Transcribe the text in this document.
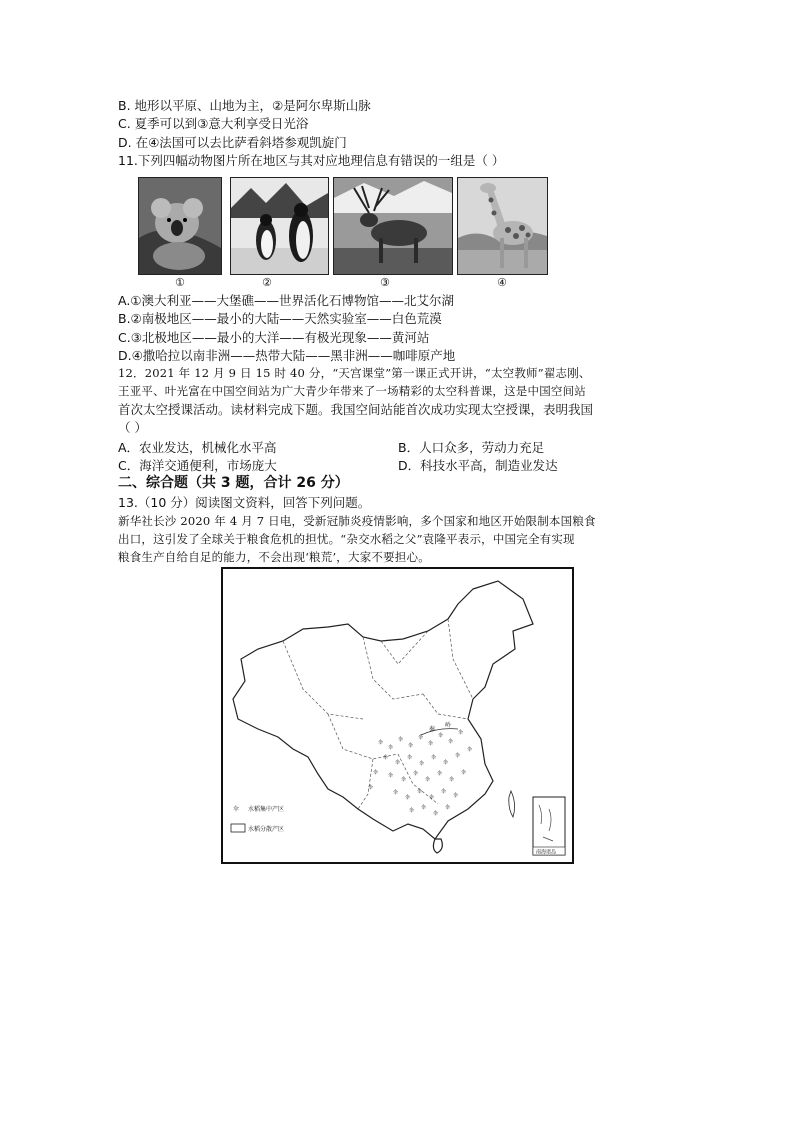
B. 地形以平原、山地为主，②是阿尔卑斯山脉
C. 夏季可以到③意大利享受日光浴
D. 在④法国可以去比萨看斜塔参观凯旋门
11.下列四幅动物图片所在地区与其对应地理信息有错误的一组是（ ）
①	②	③	④
A.①澳大利亚——大堡礁——世界活化石博物馆——北艾尔湖
B.②南极地区——最小的大陆——天然实验室——白色荒漠
C.③北极地区——最小的大洋——有极光现象——黄河站
D.④撒哈拉以南非洲——热带大陆——黑非洲——咖啡原产地
12．2021 年 12 月 9 日 15 时 40 分，“天宫课堂”第一课正式开讲，“太空教师”翟志刚、
王亚平、叶光富在中国空间站为广大青少年带来了一场精彩的太空科普课，这是中国空间站
首次太空授课活动。读材料完成下题。我国空间站能首次成功实现太空授课，表明我国
（ ）
A．农业发达，机械化水平高	B．人口众多，劳动力充足
C．海洋交通便利，市场庞大	D．科技水平高，制造业发达
二、综合题（共 3 题，合计 26 分）
13.（10 分）阅读图文资料，回答下列问题。
新华社长沙 2020 年 4 月 7 日电，受新冠肺炎疫情影响，多个国家和地区开始限制本国粮食
出口，这引发了全球关于粮食危机的担忧。“杂交水稻之父”袁隆平表示，中国完全有实现
粮食生产自给自足的能力，不会出现‘粮荒’，大家不要担心。
伞
伞
伞
伞
伞
伞
伞
伞
伞
伞
伞
伞
伞
伞
伞
伞
伞
伞
伞
伞
伞
伞
伞
伞
伞
伞
伞
伞
伞
伞
伞 伞
伞
伞
伞
伞
秦
岭
伞 水稻集中产区
水稻分散产区
南海诸岛
